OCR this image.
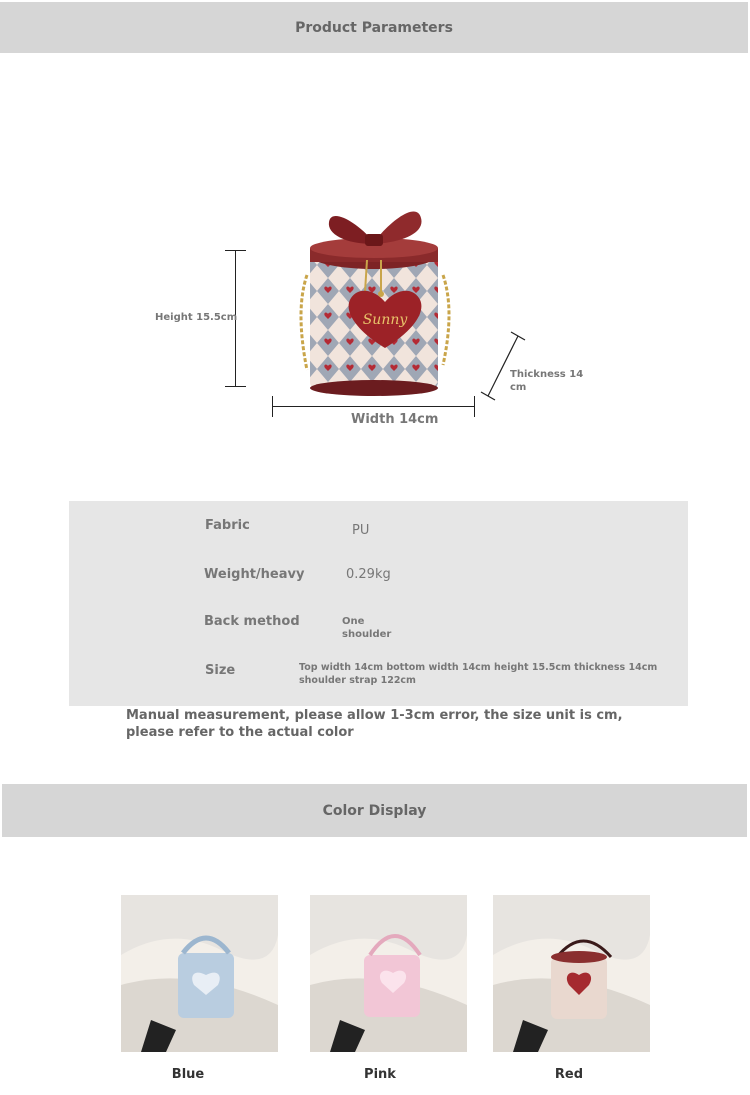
Product Parameters
Height 15.5cm
Width 14cm
Thickness 14 cm
Sunny
Fabric	PU
Weight/heavy	0.29kg
Back method	One shoulder
Size	Top width 14cm bottom width 14cm height 15.5cm thickness 14cm shoulder strap 122cm
Manual measurement, please allow 1-3cm error, the size unit is cm, please refer to the actual color
Color Display
Blue	Pink	Red
